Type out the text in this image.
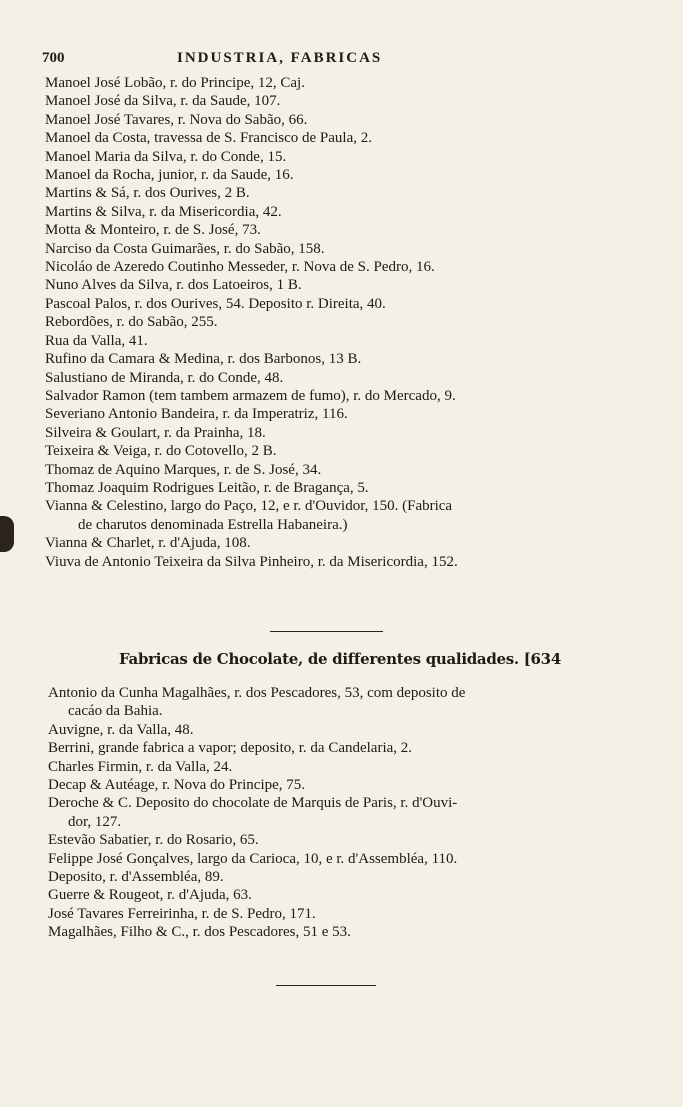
700	INDUSTRIA, FABRICAS
Manoel José Lobão, r. do Principe, 12, Caj.
Manoel José da Silva, r. da Saude, 107.
Manoel José Tavares, r. Nova do Sabão, 66.
Manoel da Costa, travessa de S. Francisco de Paula, 2.
Manoel Maria da Silva, r. do Conde, 15.
Manoel da Rocha, junior, r. da Saude, 16.
Martins & Sá, r. dos Ourives, 2 B.
Martins & Silva, r. da Misericordia, 42.
Motta & Monteiro, r. de S. José, 73.
Narciso da Costa Guimarães, r. do Sabão, 158.
Nicoláo de Azeredo Coutinho Messeder, r. Nova de S. Pedro, 16.
Nuno Alves da Silva, r. dos Latoeiros, 1 B.
Pascoal Palos, r. dos Ourives, 54. Deposito r. Direita, 40.
Rebordões, r. do Sabão, 255.
Rua da Valla, 41.
Rufino da Camara & Medina, r. dos Barbonos, 13 B.
Salustiano de Miranda, r. do Conde, 48.
Salvador Ramon (tem tambem armazem de fumo), r. do Mercado, 9.
Severiano Antonio Bandeira, r. da Imperatriz, 116.
Silveira & Goulart, r. da Prainha, 18.
Teixeira & Veiga, r. do Cotovello, 2 B.
Thomaz de Aquino Marques, r. de S. José, 34.
Thomaz Joaquim Rodrigues Leitão, r. de Bragança, 5.
Vianna & Celestino, largo do Paço, 12, e r. d'Ouvidor, 150. (Fabrica
de charutos denominada Estrella Habaneira.)
Vianna & Charlet, r. d'Ajuda, 108.
Viuva de Antonio Teixeira da Silva Pinheiro, r. da Misericordia, 152.
Fabricas de Chocolate, de differentes qualidades. [634
Antonio da Cunha Magalhães, r. dos Pescadores, 53, com deposito de
cacáo da Bahia.
Auvigne, r. da Valla, 48.
Berrini, grande fabrica a vapor; deposito, r. da Candelaria, 2.
Charles Firmin, r. da Valla, 24.
Decap & Autéage, r. Nova do Principe, 75.
Deroche & C. Deposito do chocolate de Marquis de Paris, r. d'Ouvi-
dor, 127.
Estevão Sabatier, r. do Rosario, 65.
Felippe José Gonçalves, largo da Carioca, 10, e r. d'Assembléa, 110.
Deposito, r. d'Assembléa, 89.
Guerre & Rougeot, r. d'Ajuda, 63.
José Tavares Ferreirinha, r. de S. Pedro, 171.
Magalhães, Filho & C., r. dos Pescadores, 51 e 53.
